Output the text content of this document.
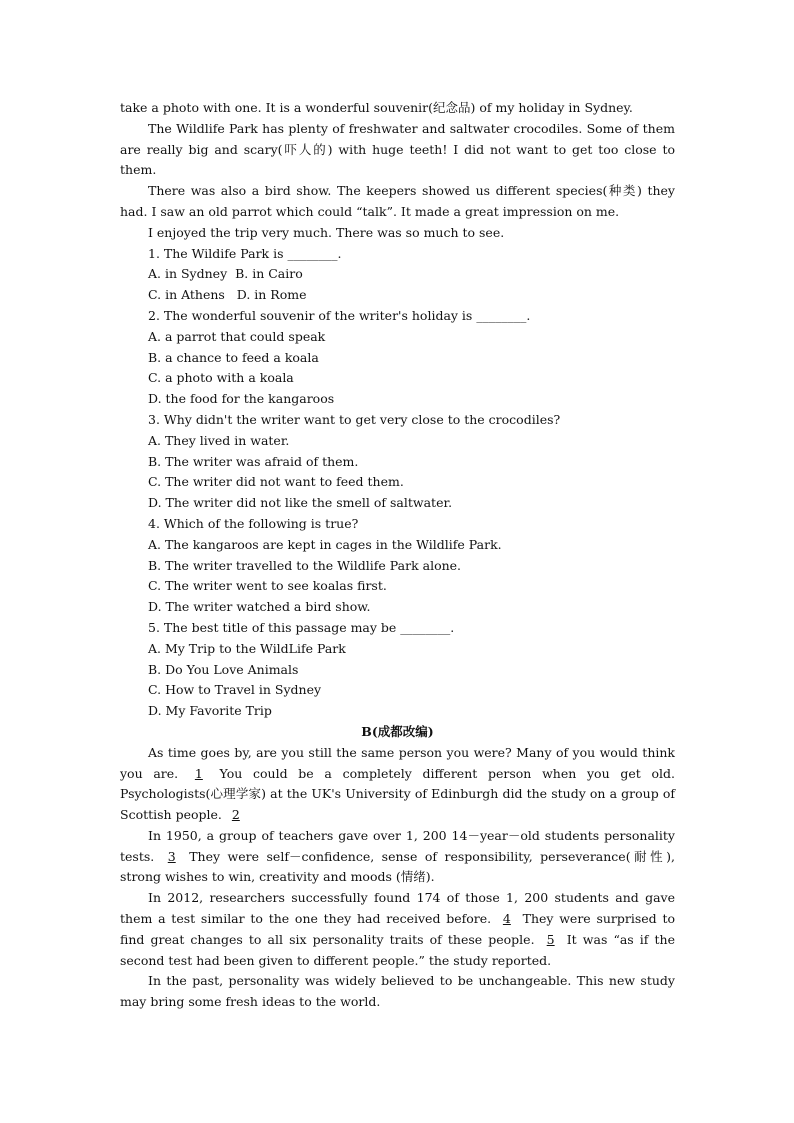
take a photo with one. It is a wonderful souvenir(纪念品) of my holiday in Sydney.

The Wildlife Park has plenty of freshwater and saltwater crocodiles. Some of them are really big and scary(吓人的) with huge teeth! I did not want to get too close to them.

There was also a bird show. The keepers showed us different species(种类) they had. I saw an old parrot which could “talk”. It made a great impression on me.

I enjoyed the trip very much. There was so much to see.

1. The Wildife Park is ________.

A. in Sydney  B. in Cairo

C. in Athens   D. in Rome

2. The wonderful souvenir of the writer's holiday is ________.

A. a parrot that could speak

B. a chance to feed a koala

C. a photo with a koala

D. the food for the kangaroos

3. Why didn't the writer want to get very close to the crocodiles?

A. They lived in water.

B. The writer was afraid of them.

C. The writer did not want to feed them.

D. The writer did not like the smell of saltwater.

4. Which of the following is true?

A. The kangaroos are kept in cages in the Wildlife Park.

B. The writer travelled to the Wildlife Park alone.

C. The writer went to see koalas first.

D. The writer watched a bird show.

5. The best title of this passage may be ________.

A. My Trip to the WildLife Park

B. Do You Love Animals

C. How to Travel in Sydney

D. My Favorite Trip

B(成都改编)

As time goes by, are you still the same person you were? Many of you would think you are. 1 You could be a completely different person when you get old. Psychologists(心理学家) at the UK's University of Edinburgh did the study on a group of Scottish people. 2

In 1950, a group of teachers gave over 1, 200 14－year－old students personality tests. 3 They were self－confidence, sense of responsibility, perseverance(耐性), strong wishes to win, creativity and moods (情绪).

In 2012, researchers successfully found 174 of those 1, 200 students and gave them a test similar to the one they had received before. 4 They were surprised to find great changes to all six personality traits of these people. 5 It was “as if the second test had been given to different people.” the study reported.

In the past, personality was widely believed to be unchangeable. This new study may bring some fresh ideas to the world.
